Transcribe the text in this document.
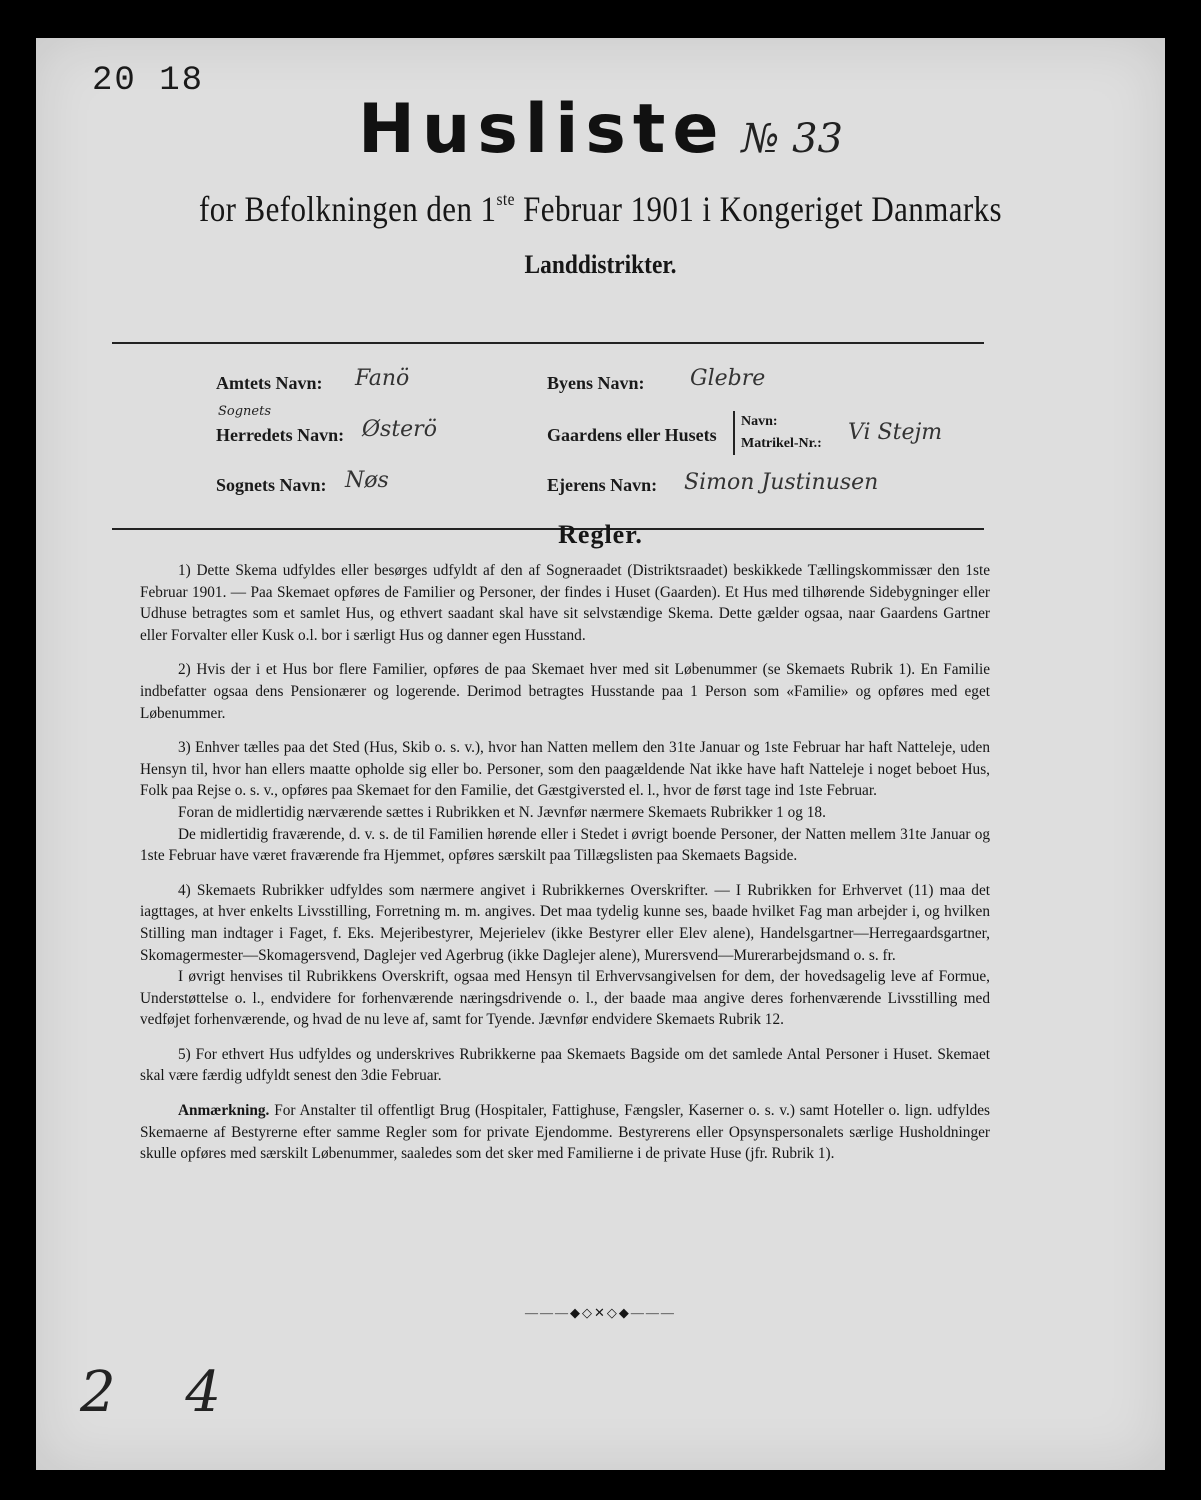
20 18
Husliste № 33
for Befolkningen den 1ste Februar 1901 i Kongeriget Danmarks
Landdistrikter.
Amtets Navn: Fanö
Sognets
Herredets Navn: Østerö
Sognets Navn: Nøs
Byens Navn: Glebre
Gaardens eller Husets
Navn:
Matrikel-Nr.: Vi Stejm
Ejerens Navn: Simon Justinusen
Regler.

1) Dette Skema udfyldes eller besørges udfyldt af den af Sogneraadet (Distriktsraadet) beskikkede Tællingskommissær den 1ste Februar 1901. — Paa Skemaet opføres de Familier og Personer, der findes i Huset (Gaarden). Et Hus med tilhørende Sidebygninger eller Udhuse betragtes som et samlet Hus, og ethvert saadant skal have sit selvstændige Skema. Dette gælder ogsaa, naar Gaardens Gartner eller Forvalter eller Kusk o.l. bor i særligt Hus og danner egen Husstand.

2) Hvis der i et Hus bor flere Familier, opføres de paa Skemaet hver med sit Løbenummer (se Skemaets Rubrik 1). En Familie indbefatter ogsaa dens Pensionærer og logerende. Derimod betragtes Husstande paa 1 Person som «Familie» og opføres med eget Løbenummer.

3) Enhver tælles paa det Sted (Hus, Skib o. s. v.), hvor han Natten mellem den 31te Januar og 1ste Februar har haft Natteleje, uden Hensyn til, hvor han ellers maatte opholde sig eller bo. Personer, som den paagældende Nat ikke have haft Natteleje i noget beboet Hus, Folk paa Rejse o. s. v., opføres paa Skemaet for den Familie, det Gæstgiversted el. l., hvor de først tage ind 1ste Februar.

Foran de midlertidig nærværende sættes i Rubrikken et N. Jævnfør nærmere Skemaets Rubrikker 1 og 18.

De midlertidig fraværende, d. v. s. de til Familien hørende eller i Stedet i øvrigt boende Personer, der Natten mellem 31te Januar og 1ste Februar have været fraværende fra Hjemmet, opføres særskilt paa Tillægslisten paa Skemaets Bagside.

4) Skemaets Rubrikker udfyldes som nærmere angivet i Rubrikkernes Overskrifter. — I Rubrikken for Erhvervet (11) maa det iagttages, at hver enkelts Livsstilling, Forretning m. m. angives. Det maa tydelig kunne ses, baade hvilket Fag man arbejder i, og hvilken Stilling man indtager i Faget, f. Eks. Mejeribestyrer, Mejerielev (ikke Bestyrer eller Elev alene), Handelsgartner—Herregaardsgartner, Skomagermester—Skomagersvend, Daglejer ved Agerbrug (ikke Daglejer alene), Murersvend—Murerarbejdsmand o. s. fr.

I øvrigt henvises til Rubrikkens Overskrift, ogsaa med Hensyn til Erhvervsangivelsen for dem, der hovedsagelig leve af Formue, Understøttelse o. l., endvidere for forhenværende næringsdrivende o. l., der baade maa angive deres forhenværende Livsstilling med vedføjet forhenværende, og hvad de nu leve af, samt for Tyende. Jævnfør endvidere Skemaets Rubrik 12.

5) For ethvert Hus udfyldes og underskrives Rubrikkerne paa Skemaets Bagside om det samlede Antal Personer i Huset. Skemaet skal være færdig udfyldt senest den 3die Februar.

Anmærkning. For Anstalter til offentligt Brug (Hospitaler, Fattighuse, Fængsler, Kaserner o. s. v.) samt Hoteller o. lign. udfyldes Skemaerne af Bestyrerne efter samme Regler som for private Ejendomme. Bestyrerens eller Opsynspersonalets særlige Husholdninger skulle opføres med særskilt Løbenummer, saaledes som det sker med Familierne i de private Huse (jfr. Rubrik 1).

———◆◇✕◇◆———
2 4
